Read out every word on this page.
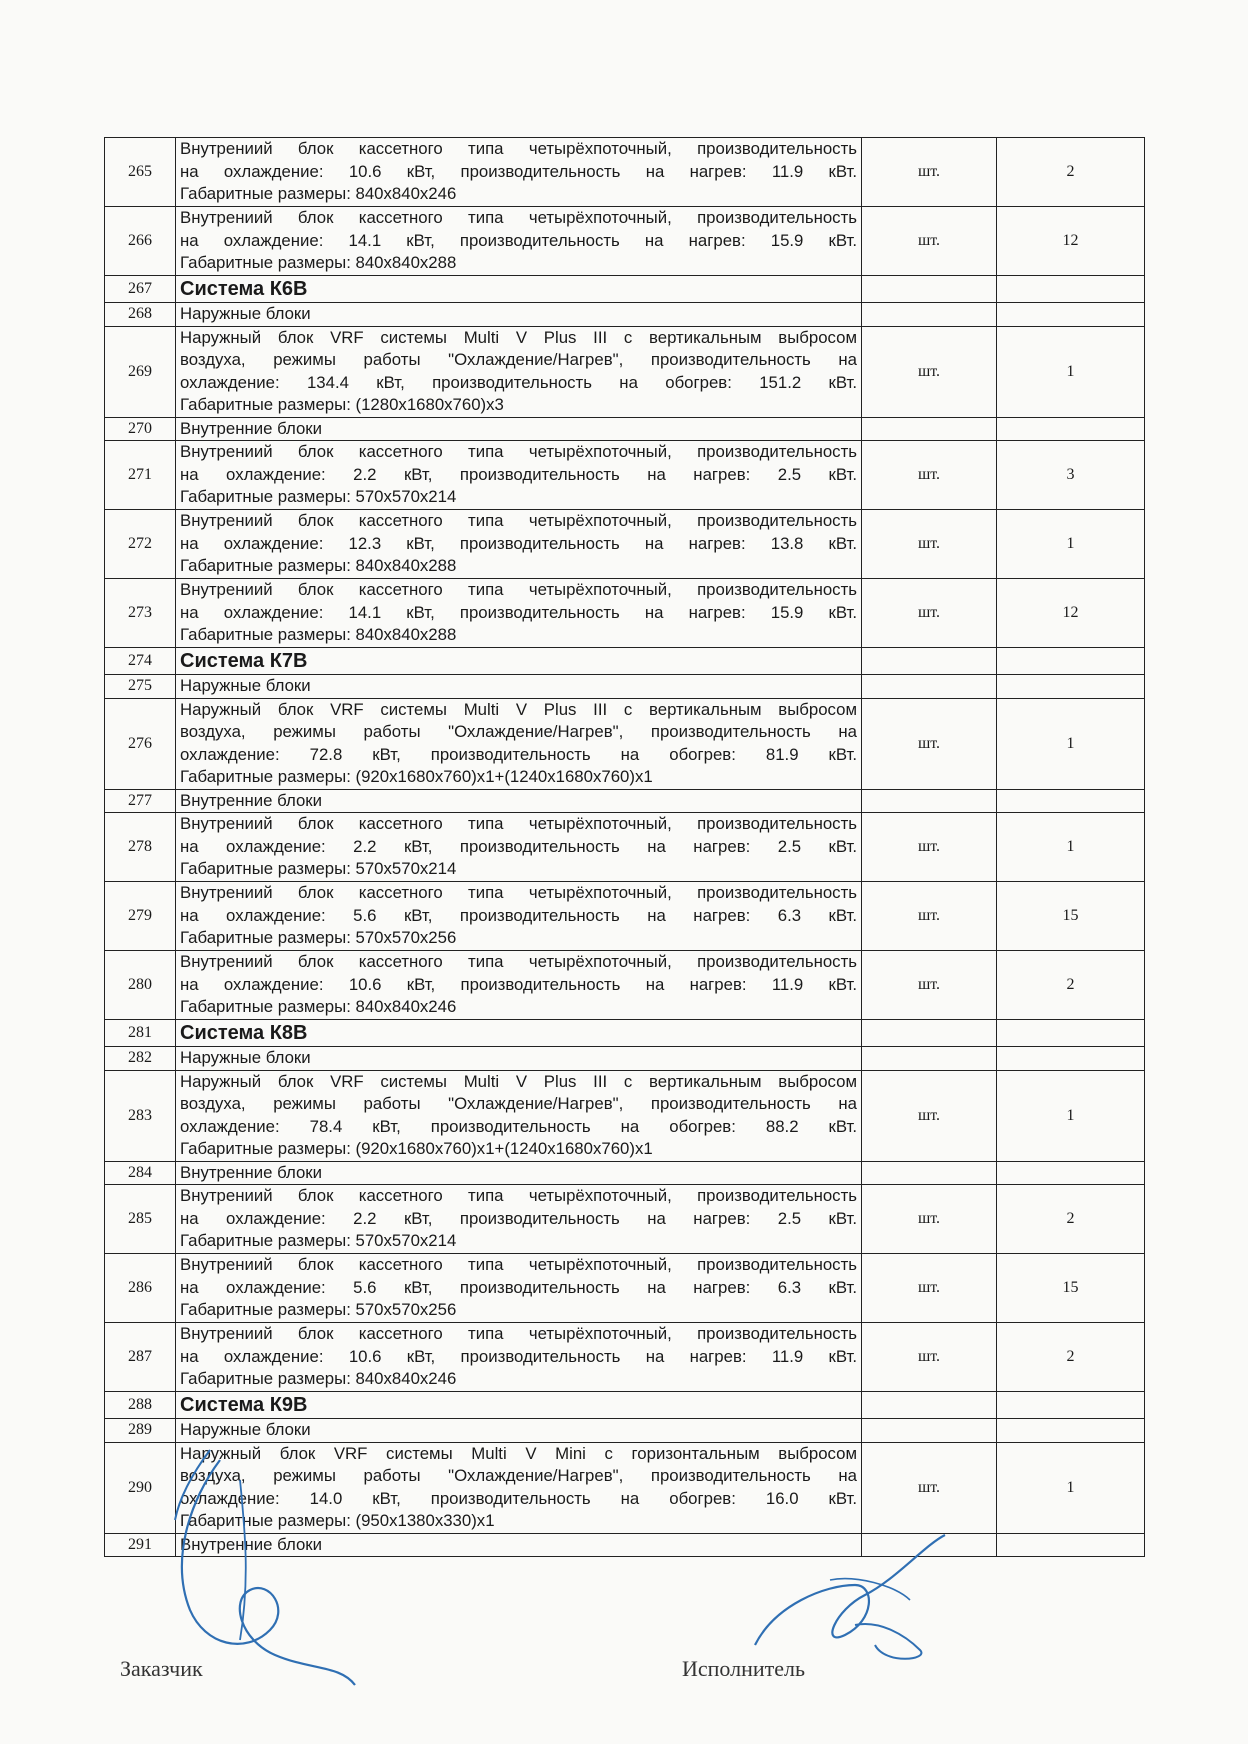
265	Внутрениий блок кассетного типа четырёхпоточный, производительность
на охлаждение: 10.6 кВт, производительность на нагрев: 11.9 кВт.
Габаритные размеры: 840x840x246	шт.	2
266	Внутрениий блок кассетного типа четырёхпоточный, производительность
на охлаждение: 14.1 кВт, производительность на нагрев: 15.9 кВт.
Габаритные размеры: 840x840x288	шт.	12
267	Система К6В		

268	Наружные блоки		

269	Наружный блок VRF системы Multi V Plus III с вертикальным выбросом
воздуха, режимы работы "Охлаждение/Нагрев", производительность на
охлаждение: 134.4 кВт, производительность на обогрев: 151.2 кВт.
Габаритные размеры: (1280x1680x760)x3	шт.	1
270	Внутренние блоки		

271	Внутрениий блок кассетного типа четырёхпоточный, производительность
на охлаждение: 2.2 кВт, производительность на нагрев: 2.5 кВт.
Габаритные размеры: 570x570x214	шт.	3
272	Внутрениий блок кассетного типа четырёхпоточный, производительность
на охлаждение: 12.3 кВт, производительность на нагрев: 13.8 кВт.
Габаритные размеры: 840x840x288	шт.	1
273	Внутрениий блок кассетного типа четырёхпоточный, производительность
на охлаждение: 14.1 кВт, производительность на нагрев: 15.9 кВт.
Габаритные размеры: 840x840x288	шт.	12
274	Система К7В		

275	Наружные блоки		

276	Наружный блок VRF системы Multi V Plus III с вертикальным выбросом
воздуха, режимы работы "Охлаждение/Нагрев", производительность на
охлаждение: 72.8 кВт, производительность на обогрев: 81.9 кВт.
Габаритные размеры: (920x1680x760)x1+(1240x1680x760)x1	шт.	1
277	Внутренние блоки		

278	Внутрениий блок кассетного типа четырёхпоточный, производительность
на охлаждение: 2.2 кВт, производительность на нагрев: 2.5 кВт.
Габаритные размеры: 570x570x214	шт.	1
279	Внутрениий блок кассетного типа четырёхпоточный, производительность
на охлаждение: 5.6 кВт, производительность на нагрев: 6.3 кВт.
Габаритные размеры: 570x570x256	шт.	15
280	Внутрениий блок кассетного типа четырёхпоточный, производительность
на охлаждение: 10.6 кВт, производительность на нагрев: 11.9 кВт.
Габаритные размеры: 840x840x246	шт.	2
281	Система К8В		

282	Наружные блоки		

283	Наружный блок VRF системы Multi V Plus III с вертикальным выбросом
воздуха, режимы работы "Охлаждение/Нагрев", производительность на
охлаждение: 78.4 кВт, производительность на обогрев: 88.2 кВт.
Габаритные размеры: (920x1680x760)x1+(1240x1680x760)x1	шт.	1
284	Внутренние блоки		

285	Внутрениий блок кассетного типа четырёхпоточный, производительность
на охлаждение: 2.2 кВт, производительность на нагрев: 2.5 кВт.
Габаритные размеры: 570x570x214	шт.	2
286	Внутрениий блок кассетного типа четырёхпоточный, производительность
на охлаждение: 5.6 кВт, производительность на нагрев: 6.3 кВт.
Габаритные размеры: 570x570x256	шт.	15
287	Внутрениий блок кассетного типа четырёхпоточный, производительность
на охлаждение: 10.6 кВт, производительность на нагрев: 11.9 кВт.
Габаритные размеры: 840x840x246	шт.	2
288	Система К9В		

289	Наружные блоки		

290	Наружный блок VRF системы Multi V Mini с горизонтальным выбросом
воздуха, режимы работы "Охлаждение/Нагрев", производительность на
охлаждение: 14.0 кВт, производительность на обогрев: 16.0 кВт.
Габаритные размеры: (950x1380x330)x1	шт.	1
291	Внутренние блоки		

Заказчик	Исполнитель
